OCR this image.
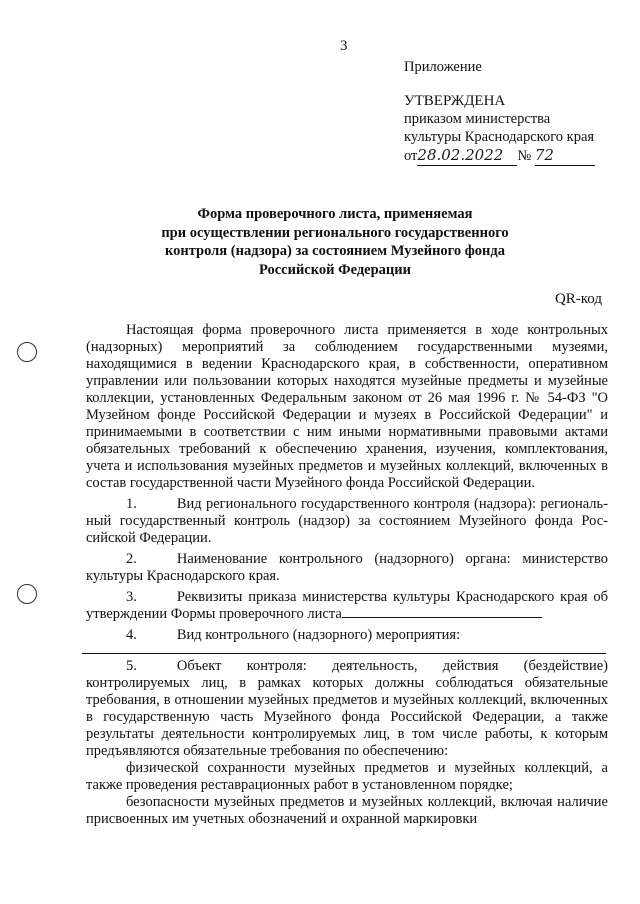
3
Приложение
УТВЕРЖДЕНА
приказом министерства
культуры Краснодарского края
от28.02.2022 № 72
Форма проверочного листа, применяемая
при осуществлении регионального государственного
контроля (надзора) за состоянием Музейного фонда
Российской Федерации
QR-код

Настоящая форма проверочного листа применяется в ходе контрольных (надзорных) мероприятий за соблюдением государственными музеями, находящимися в ведении Краснодарского края, в собственности, оперативном управлении или пользовании которых находятся музейные предметы и музейные коллекции, установленных Федеральным законом от 26 мая 1996 г. № 54-ФЗ "О Музейном фонде Российской Федерации и музеях в Российской Федерации" и принимаемыми в соответствии с ним иными нормативными правовыми актами обязательных требований к обеспечению хранения, изучения, комплектования, учета и использования музейных предметов и музейных коллекций, включенных в состав государственной части Музейного фонда Российской Федерации.

1.	Вид регионального государственного контроля (надзора): региональный государственный контроль (надзор) за состоянием Музейного фонда Российской Федерации.

2.	Наименование контрольного (надзорного) органа: министерство культуры Краснодарского края.

3.	Реквизиты приказа министерства культуры Краснодарского края об утверждении Формы проверочного листа

4.	Вид контрольного (надзорного) мероприятия:

5.	Объект контроля: деятельность, действия (бездействие) контролируемых лиц, в рамках которых должны соблюдаться обязательные требования, в отношении музейных предметов и музейных коллекций, включенных в государственную часть Музейного фонда Российской Федерации, а также результаты деятельности контролируемых лиц, в том числе работы, к которым предъявляются обязательные требования по обеспечению:

физической сохранности музейных предметов и музейных коллекций, а также проведения реставрационных работ в установленном порядке;

безопасности музейных предметов и музейных коллекций, включая наличие присвоенных им учетных обозначений и охранной маркировки
